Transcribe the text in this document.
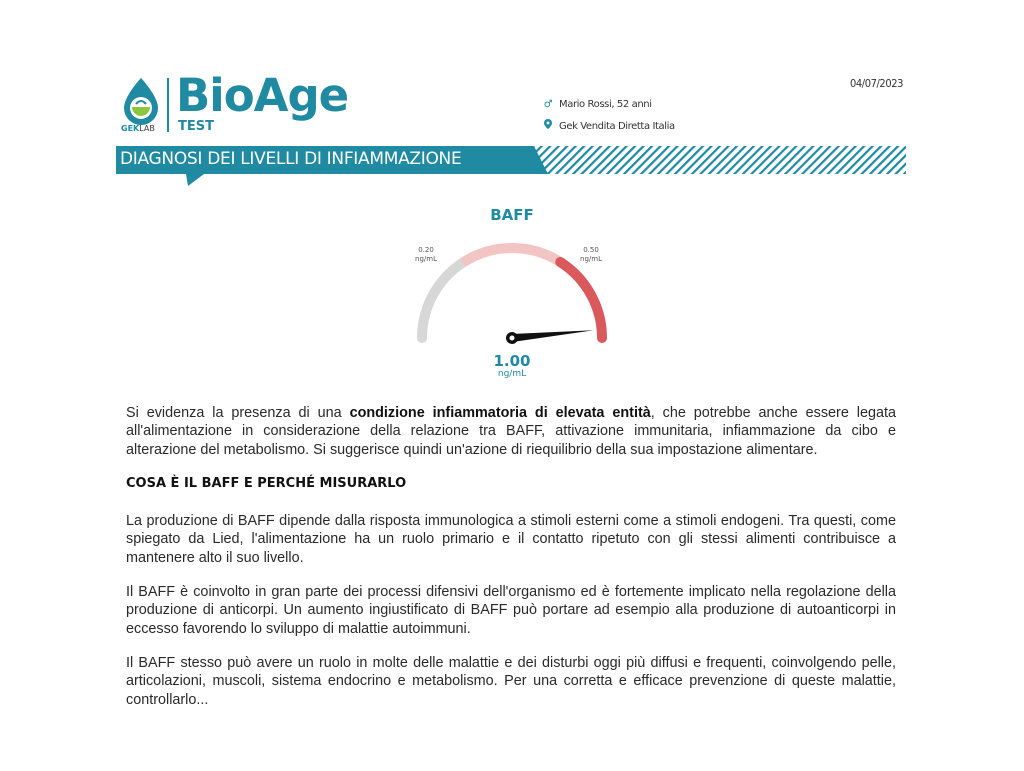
GEKLAB
BioAge
TEST
04/07/2023
♂ Mario Rossi, 52 anni
Gek Vendita Diretta Italia
DIAGNOSI DEI LIVELLI DI INFIAMMAZIONE
BAFF
0.20
ng/mL
0.50
ng/mL
1.00
ng/mL

Si evidenza la presenza di una condizione infiammatoria di elevata entità, che potrebbe anche essere legata all'alimentazione in considerazione della relazione tra BAFF, attivazione immunitaria, infiammazione da cibo e alterazione del metabolismo. Si suggerisce quindi un'azione di riequilibrio della sua impostazione alimentare.

COSA È IL BAFF E PERCHÉ MISURARLO

La produzione di BAFF dipende dalla risposta immunologica a stimoli esterni come a stimoli endogeni. Tra questi, come spiegato da Lied, l'alimentazione ha un ruolo primario e il contatto ripetuto con gli stessi alimenti contribuisce a mantenere alto il suo livello.

Il BAFF è coinvolto in gran parte dei processi difensivi dell'organismo ed è fortemente implicato nella regolazione della produzione di anticorpi. Un aumento ingiustificato di BAFF può portare ad esempio alla produzione di autoanticorpi in eccesso favorendo lo sviluppo di malattie autoimmuni.

Il BAFF stesso può avere un ruolo in molte delle malattie e dei disturbi oggi più diffusi e frequenti, coinvolgendo pelle, articolazioni, muscoli, sistema endocrino e metabolismo. Per una corretta e efficace prevenzione di queste malattie, controllarlo...
